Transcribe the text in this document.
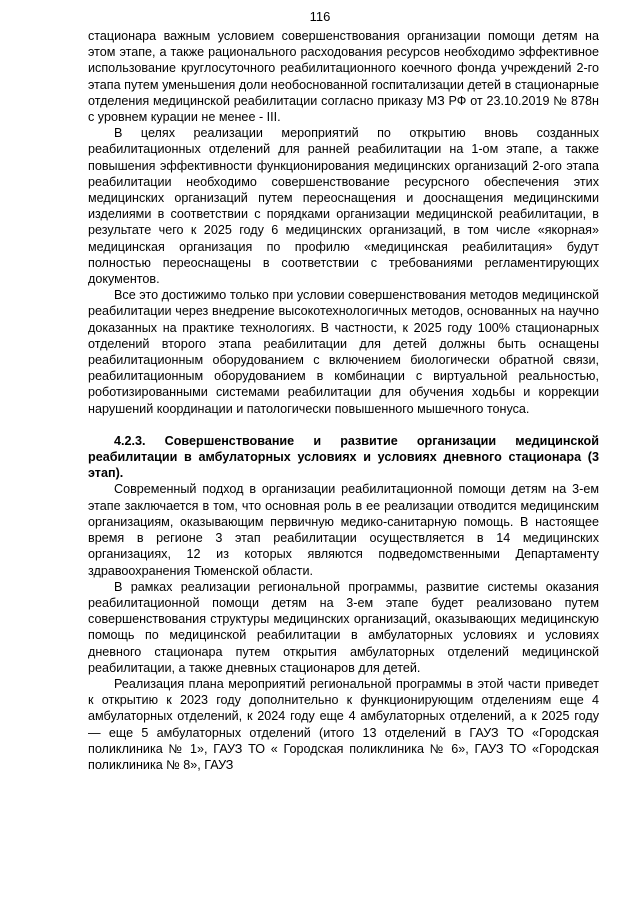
116

стационара важным условием совершенствования организации помощи детям на этом этапе, а также рационального расходования ресурсов необходимо эффективное использование круглосуточного реабилитационного коечного фонда учреждений 2-го этапа путем уменьшения доли необоснованной госпитализации детей в стационарные отделения медицинской реабилитации согласно приказу МЗ РФ от 23.10.2019 № 878н с уровнем курации не менее - III.

В целях реализации мероприятий по открытию вновь созданных реабилитационных отделений для ранней реабилитации на 1-ом этапе, а также повышения эффективности функционирования медицинских организаций 2-ого этапа реабилитации необходимо совершенствование ресурсного обеспечения этих медицинских организаций путем переоснащения и дооснащения медицинскими изделиями в соответствии с порядками организации медицинской реабилитации, в результате чего к 2025 году 6 медицинских организаций, в том числе «якорная» медицинская организация по профилю «медицинская реабилитация» будут полностью переоснащены в соответствии с требованиями регламентирующих документов.

Все это достижимо только при условии совершенствования методов медицинской реабилитации через внедрение высокотехнологичных методов, основанных на научно доказанных на практике технологиях. В частности, к 2025 году 100% стационарных отделений второго этапа реабилитации для детей должны быть оснащены реабилитационным оборудованием с включением биологически обратной связи, реабилитационным оборудованием в комбинации с виртуальной реальностью, роботизированными системами реабилитации для обучения ходьбы и коррекции нарушений координации и патологически повышенного мышечного тонуса.

4.2.3. Совершенствование и развитие организации медицинской реабилитации в амбулаторных условиях и условиях дневного стационара (3 этап).

Современный подход в организации реабилитационной помощи детям на 3-ем этапе заключается в том, что основная роль в ее реализации отводится медицинским организациям, оказывающим первичную медико-санитарную помощь. В настоящее время в регионе 3 этап реабилитации осуществляется в 14 медицинских организациях, 12 из которых являются подведомственными Департаменту здравоохранения Тюменской области.

В рамках реализации региональной программы, развитие системы оказания реабилитационной помощи детям на 3-ем этапе будет реализовано путем совершенствования структуры медицинских организаций, оказывающих медицинскую помощь по медицинской реабилитации в амбулаторных условиях и условиях дневного стационара путем открытия амбулаторных отделений медицинской реабилитации, а также дневных стационаров для детей.

Реализация плана мероприятий региональной программы в этой части приведет к открытию к 2023 году дополнительно к функционирующим отделениям еще 4 амбулаторных отделений, к 2024 году еще 4 амбулаторных отделений, а к 2025 году — еще 5 амбулаторных отделений (итого 13 отделений в ГАУЗ ТО «Городская поликлиника № 1», ГАУЗ ТО « Городская поликлиника № 6», ГАУЗ ТО «Городская поликлиника № 8», ГАУЗ
